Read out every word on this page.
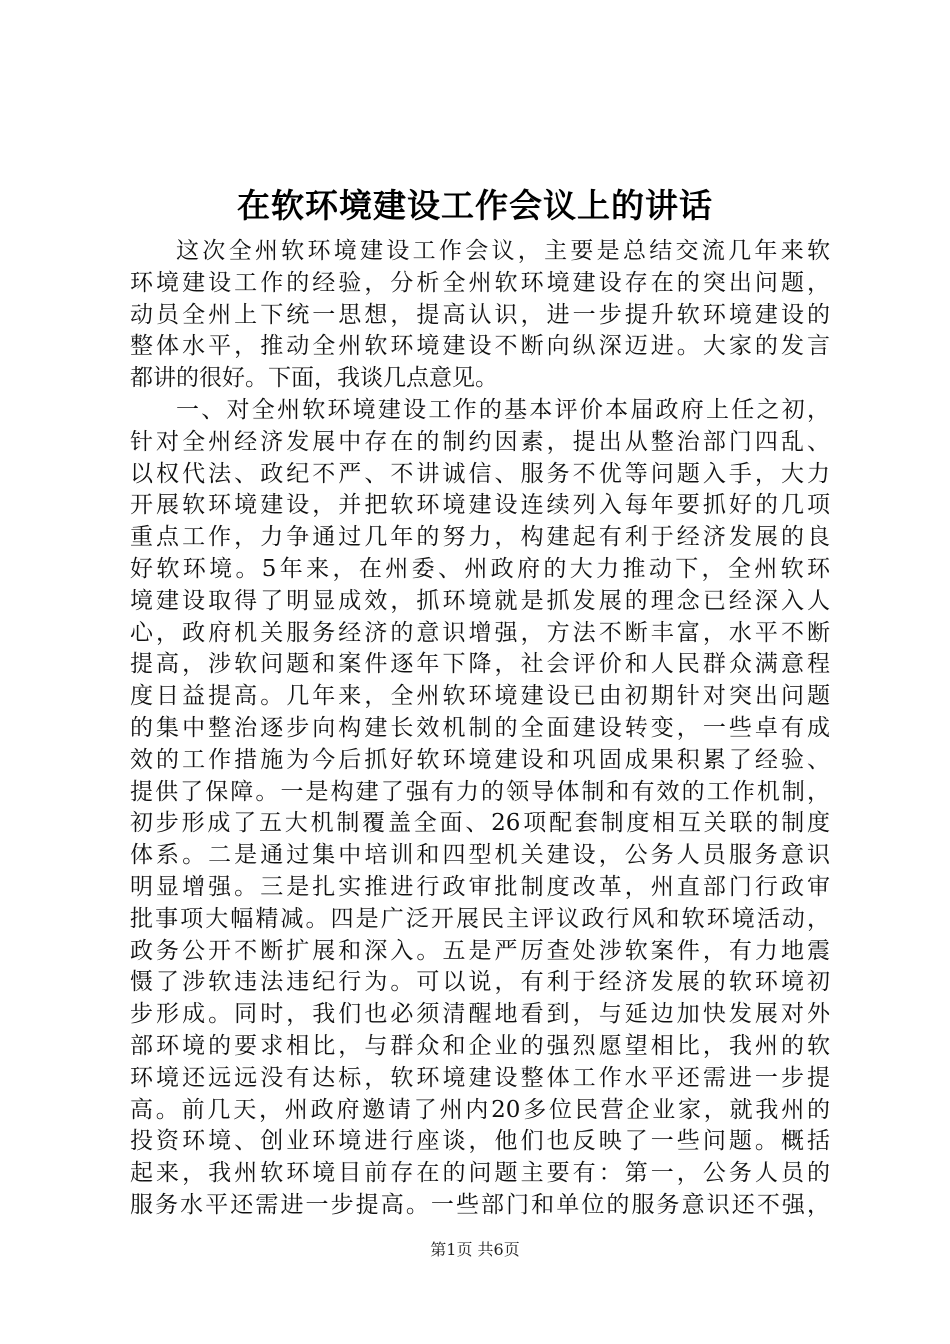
在软环境建设工作会议上的讲话
这次全州软环境建设工作会议，主要是总结交流几年来软
环境建设工作的经验，分析全州软环境建设存在的突出问题，
动员全州上下统一思想，提高认识，进一步提升软环境建设的
整体水平，推动全州软环境建设不断向纵深迈进。大家的发言
都讲的很好。下面，我谈几点意见。
一、对全州软环境建设工作的基本评价本届政府上任之初，
针对全州经济发展中存在的制约因素，提出从整治部门四乱、
以权代法、政纪不严、不讲诚信、服务不优等问题入手，大力
开展软环境建设，并把软环境建设连续列入每年要抓好的几项
重点工作，力争通过几年的努力，构建起有利于经济发展的良
好软环境。5年来，在州委、州政府的大力推动下，全州软环
境建设取得了明显成效，抓环境就是抓发展的理念已经深入人
心，政府机关服务经济的意识增强，方法不断丰富，水平不断
提高，涉软问题和案件逐年下降，社会评价和人民群众满意程
度日益提高。几年来，全州软环境建设已由初期针对突出问题
的集中整治逐步向构建长效机制的全面建设转变，一些卓有成
效的工作措施为今后抓好软环境建设和巩固成果积累了经验、
提供了保障。一是构建了强有力的领导体制和有效的工作机制，
初步形成了五大机制覆盖全面、26项配套制度相互关联的制度
体系。二是通过集中培训和四型机关建设，公务人员服务意识
明显增强。三是扎实推进行政审批制度改革，州直部门行政审
批事项大幅精减。四是广泛开展民主评议政行风和软环境活动，
政务公开不断扩展和深入。五是严厉查处涉软案件，有力地震
慑了涉软违法违纪行为。可以说，有利于经济发展的软环境初
步形成。同时，我们也必须清醒地看到，与延边加快发展对外
部环境的要求相比，与群众和企业的强烈愿望相比，我州的软
环境还远远没有达标，软环境建设整体工作水平还需进一步提
高。前几天，州政府邀请了州内20多位民营企业家，就我州的
投资环境、创业环境进行座谈，他们也反映了一些问题。概括
起来，我州软环境目前存在的问题主要有：第一，公务人员的
服务水平还需进一步提高。一些部门和单位的服务意识还不强，
第1页 共6页
